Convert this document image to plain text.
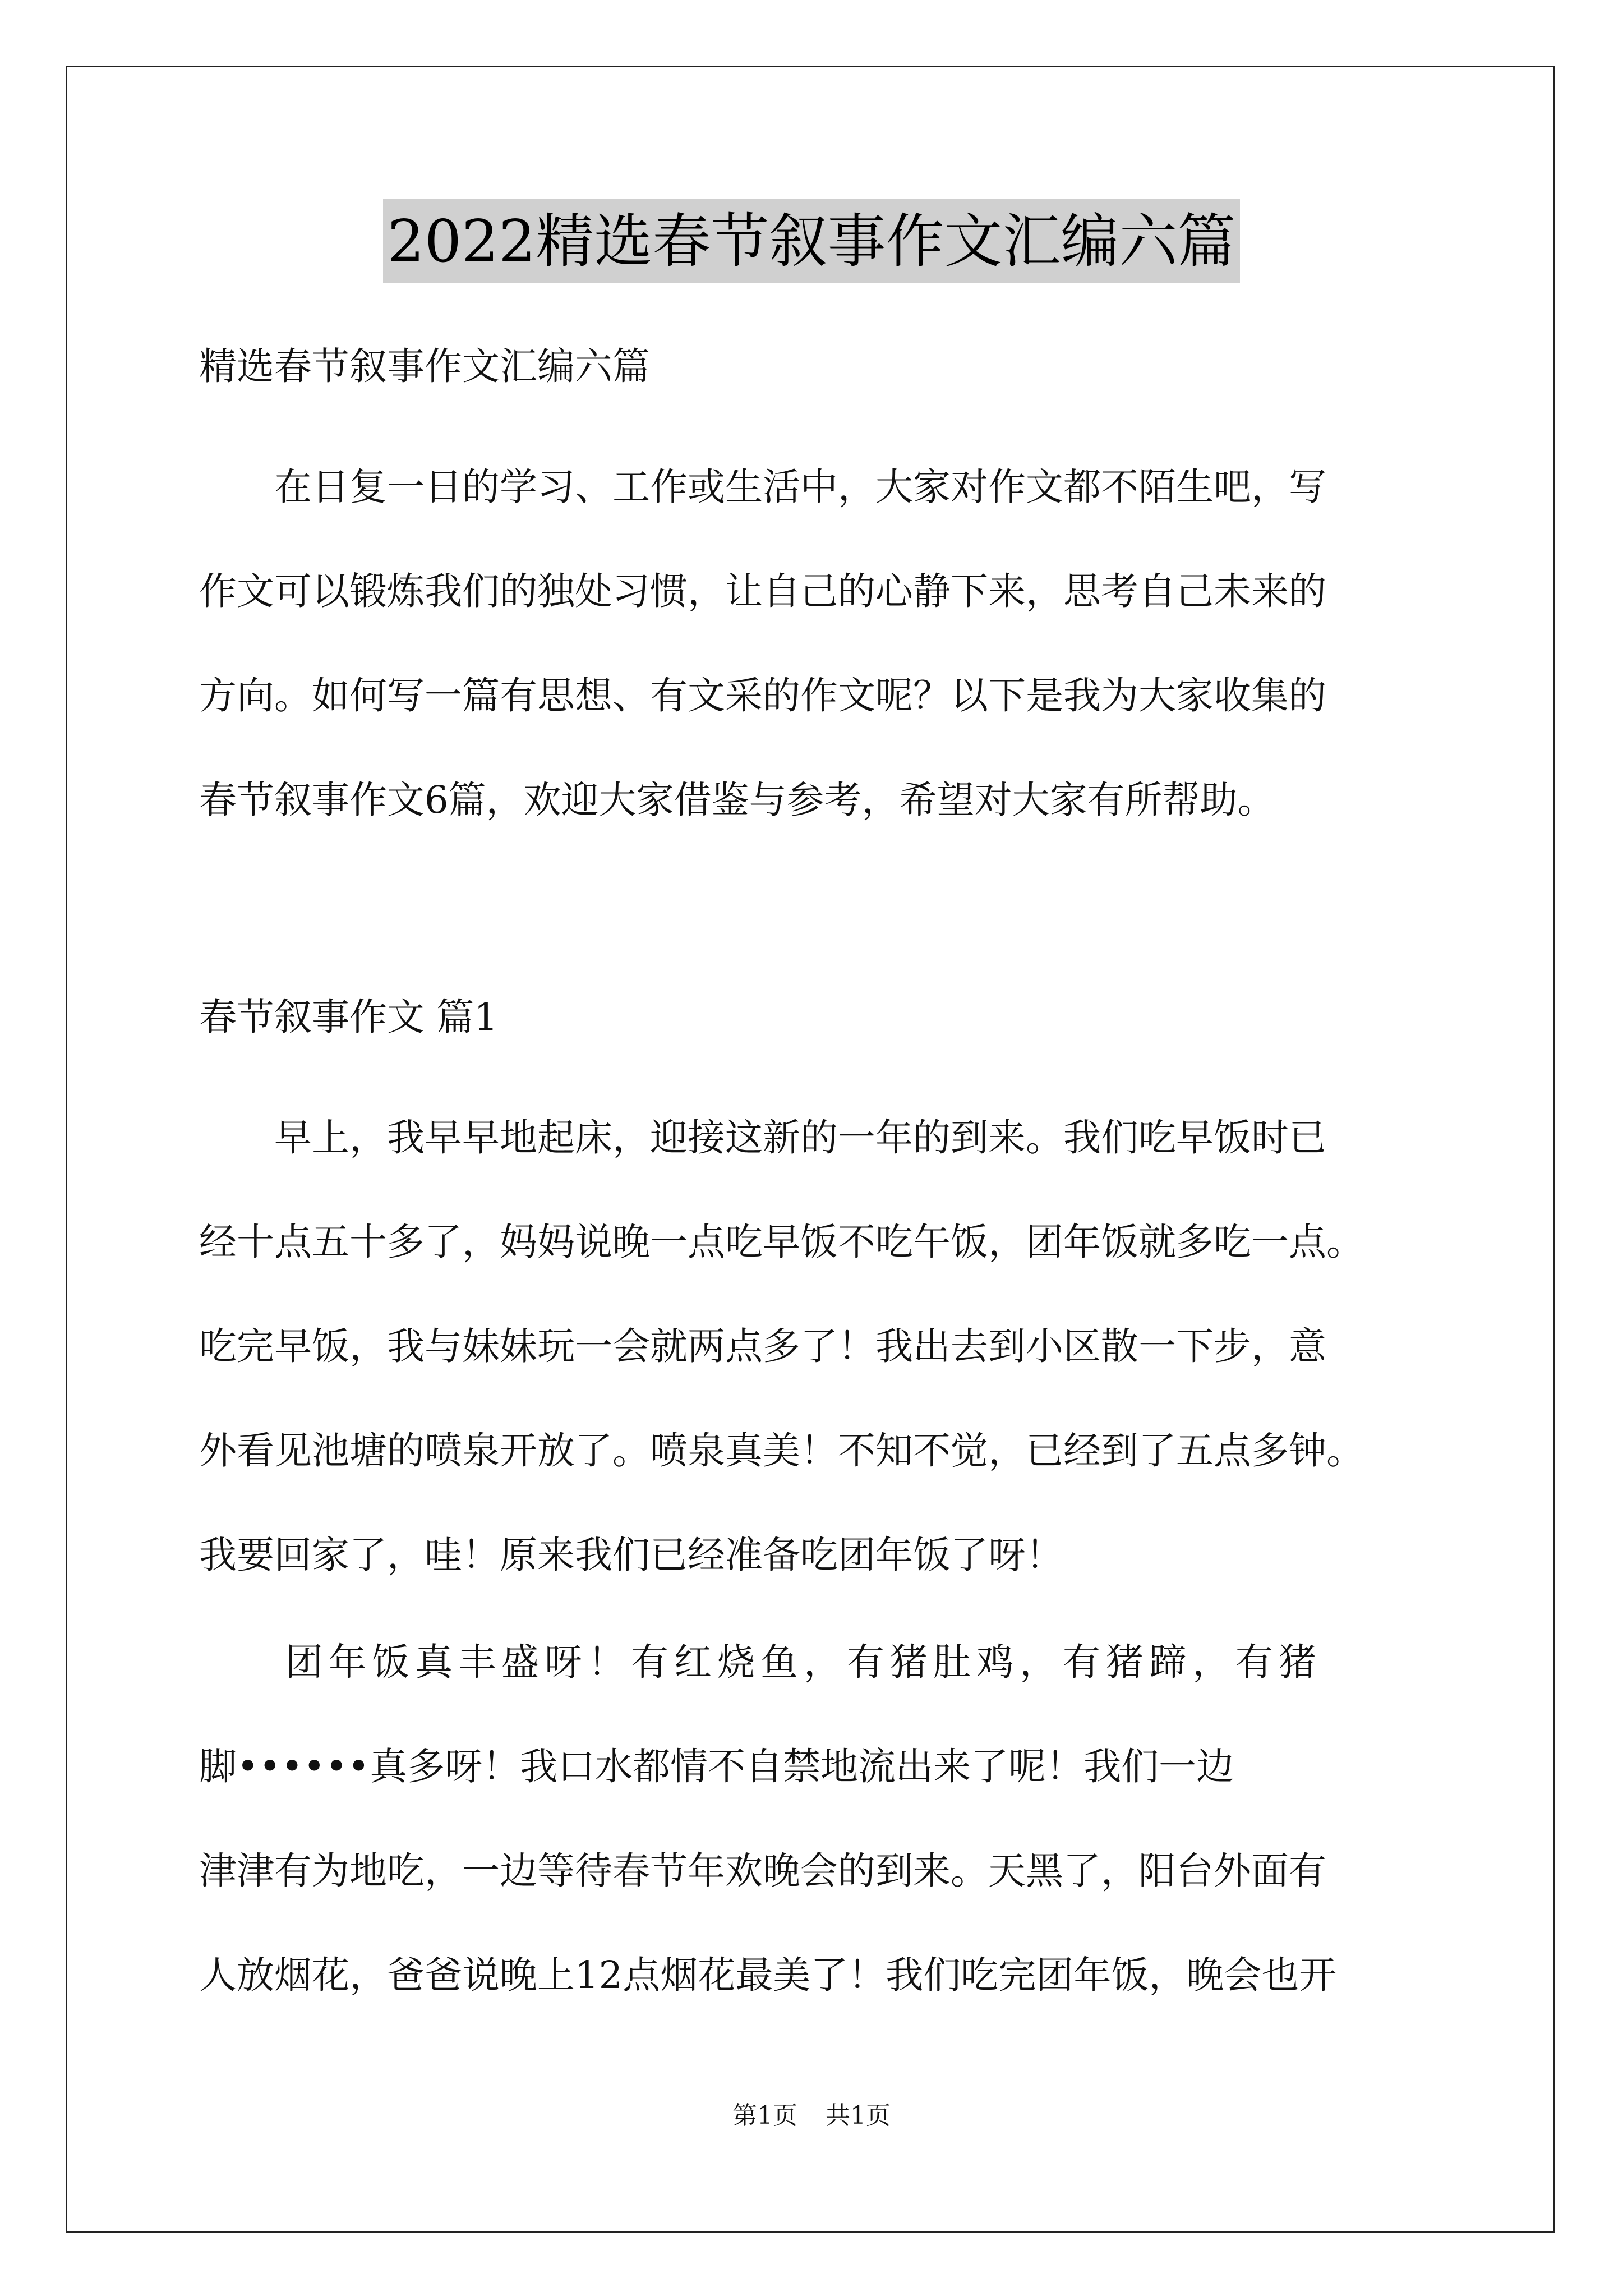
2022精选春节叙事作文汇编六篇

精选春节叙事作文汇编六篇

　　在日复一日的学习、工作或生活中，大家对作文都不陌生吧，写
作文可以锻炼我们的独处习惯，让自己的心静下来，思考自己未来的
方向。如何写一篇有思想、有文采的作文呢？以下是我为大家收集的
春节叙事作文6篇，欢迎大家借鉴与参考，希望对大家有所帮助。

春节叙事作文 篇1

　　早上，我早早地起床，迎接这新的一年的到来。我们吃早饭时已
经十点五十多了，妈妈说晚一点吃早饭不吃午饭，团年饭就多吃一点。
吃完早饭，我与妹妹玩一会就两点多了！我出去到小区散一下步，意
外看见池塘的喷泉开放了。喷泉真美！不知不觉，已经到了五点多钟。
我要回家了，哇！原来我们已经准备吃团年饭了呀！

　　团年饭真丰盛呀！有红烧鱼，有猪肚鸡，有猪蹄，有猪
脚••••••真多呀！我口水都情不自禁地流出来了呢！我们一边
津津有为地吃，一边等待春节年欢晚会的到来。天黑了，阳台外面有
人放烟花，爸爸说晚上12点烟花最美了！我们吃完团年饭，晚会也开

第1页 共1页
